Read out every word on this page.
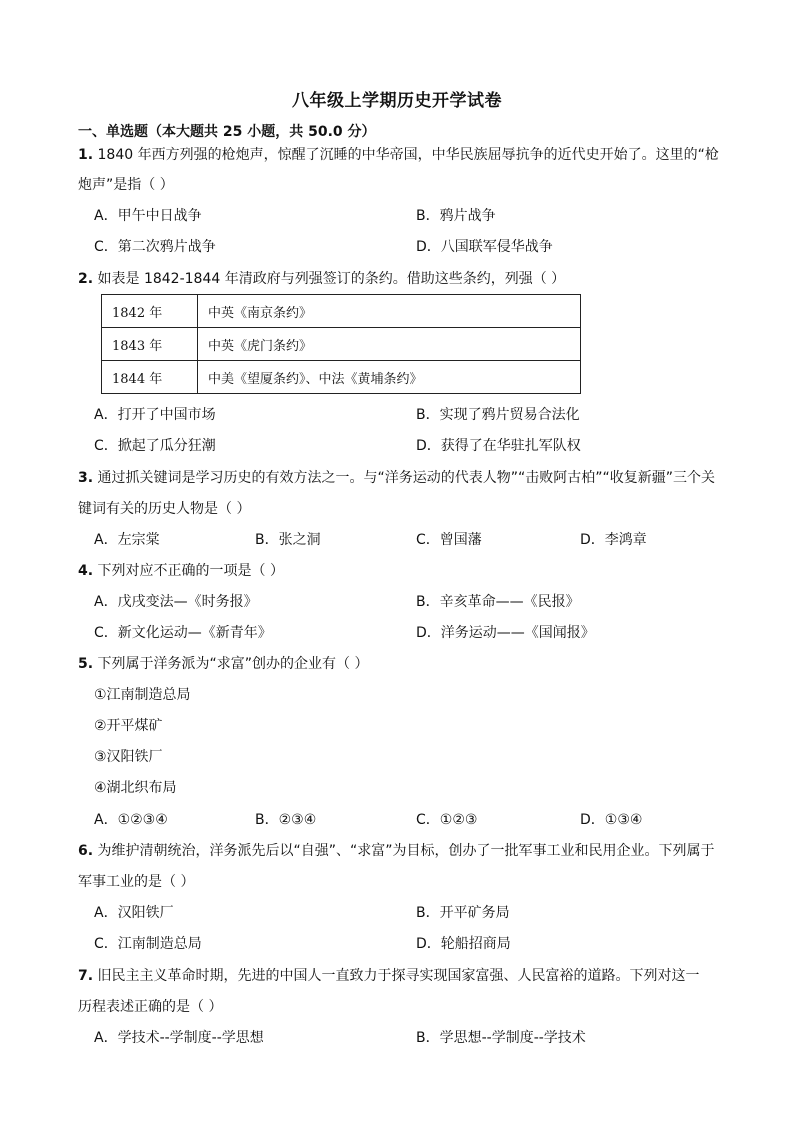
八年级上学期历史开学试卷
一、单选题（本大题共 25 小题，共 50.0 分）
1. 1840 年西方列强的枪炮声，惊醒了沉睡的中华帝国，中华民族屈辱抗争的近代史开始了。这里的“枪
炮声”是指（ ）
A．甲午中日战争	B．鸦片战争
C．第二次鸦片战争	D．八国联军侵华战争
2. 如表是 1842-1844 年清政府与列强签订的条约。借助这些条约，列强（ ）
1842 年	中英《南京条约》
1843 年	中英《虎门条约》
1844 年	中美《望厦条约》、中法《黄埔条约》
A．打开了中国市场	B．实现了鸦片贸易合法化
C．掀起了瓜分狂潮	D．获得了在华驻扎军队权
3. 通过抓关键词是学习历史的有效方法之一。与“洋务运动的代表人物”“击败阿古柏”“收复新疆”三个关
键词有关的历史人物是（ ）
A．左宗棠	B．张之洞	C．曾国藩	D．李鸿章
4. 下列对应不正确的一项是（ ）
A．戊戌变法—《时务报》	B．辛亥革命——《民报》
C．新文化运动—《新青年》	D．洋务运动——《国闻报》
5. 下列属于洋务派为“求富”创办的企业有（ ）
①江南制造总局
②开平煤矿
③汉阳铁厂
④湖北织布局
A．①②③④	B．②③④	C．①②③	D．①③④
6. 为维护清朝统治，洋务派先后以“自强”、“求富”为目标，创办了一批军事工业和民用企业。下列属于
军事工业的是（ ）
A．汉阳铁厂	B．开平矿务局
C．江南制造总局	D．轮船招商局
7. 旧民主主义革命时期，先进的中国人一直致力于探寻实现国家富强、人民富裕的道路。下列对这一
历程表述正确的是（ ）
A．学技术--学制度--学思想	B．学思想--学制度--学技术
